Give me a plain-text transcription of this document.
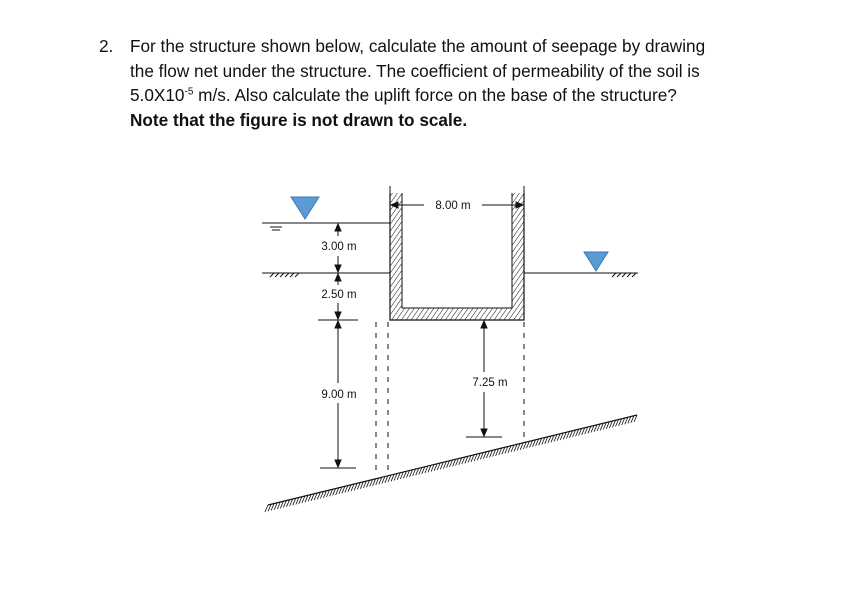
2. For the structure shown below, calculate the amount of seepage by drawing
the flow net under the structure. The coefficient of permeability of the soil is
$5.0X10^{-5}$ m/s. Also calculate the uplift force on the base of the structure?
Note that the figure is not drawn to scale.
8.00 m
3.00 m
2.50 m
9.00 m
7.25 m
